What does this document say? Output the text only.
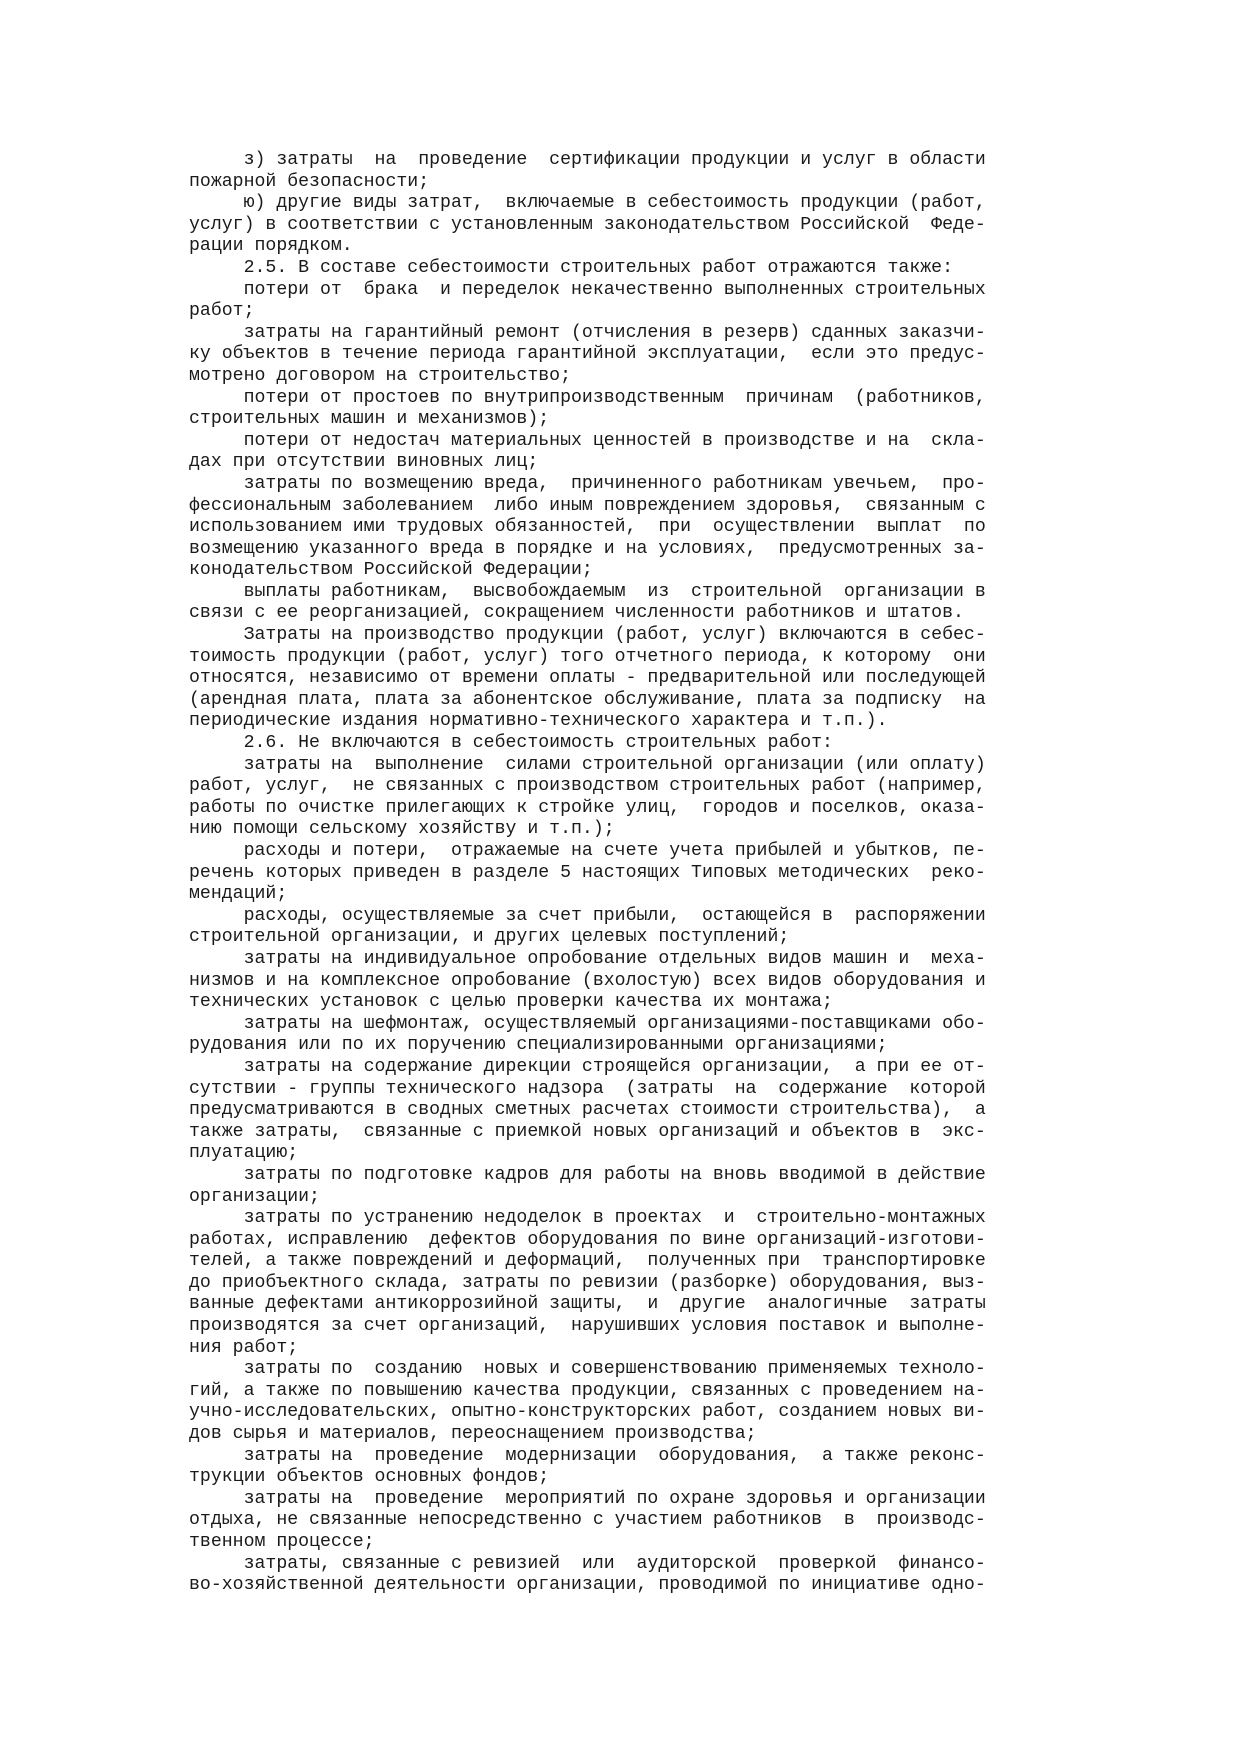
з) затраты  на  проведение  сертификации продукции и услуг в области
пожарной безопасности;
ю) другие виды затрат,  включаемые в себестоимость продукции (работ,
услуг) в соответствии с установленным законодательством Российской  Феде-
рации порядком.
2.5. В составе себестоимости строительных работ отражаются также:
потери от  брака  и переделок некачественно выполненных строительных
работ;
затраты на гарантийный ремонт (отчисления в резерв) сданных заказчи-
ку объектов в течение периода гарантийной эксплуатации,  если это предус-
мотрено договором на строительство;
потери от простоев по внутрипроизводственным  причинам  (работников,
строительных машин и механизмов);
потери от недостач материальных ценностей в производстве и на  скла-
дах при отсутствии виновных лиц;
затраты по возмещению вреда,  причиненного работникам увечьем,  про-
фессиональным заболеванием  либо иным повреждением здоровья,  связанным с
использованием ими трудовых обязанностей,  при  осуществлении  выплат  по
возмещению указанного вреда в порядке и на условиях,  предусмотренных за-
конодательством Российской Федерации;
выплаты работникам,  высвобождаемым  из  строительной  организации в
связи с ее реорганизацией, сокращением численности работников и штатов.
Затраты на производство продукции (работ, услуг) включаются в себес-
тоимость продукции (работ, услуг) того отчетного периода, к которому  они
относятся, независимо от времени оплаты - предварительной или последующей
(арендная плата, плата за абонентское обслуживание, плата за подписку  на
периодические издания нормативно-технического характера и т.п.).
2.6. Не включаются в себестоимость строительных работ:
затраты на  выполнение  силами строительной организации (или оплату)
работ, услуг,  не связанных с производством строительных работ (например,
работы по очистке прилегающих к стройке улиц,  городов и поселков, оказа-
нию помощи сельскому хозяйству и т.п.);
расходы и потери,  отражаемые на счете учета прибылей и убытков, пе-
речень которых приведен в разделе 5 настоящих Типовых методических  реко-
мендаций;
расходы, осуществляемые за счет прибыли,  остающейся в  распоряжении
строительной организации, и других целевых поступлений;
затраты на индивидуальное опробование отдельных видов машин и  меха-
низмов и на комплексное опробование (вхолостую) всех видов оборудования и
технических установок с целью проверки качества их монтажа;
затраты на шефмонтаж, осуществляемый организациями-поставщиками обо-
рудования или по их поручению специализированными организациями;
затраты на содержание дирекции строящейся организации,  а при ее от-
сутствии - группы технического надзора  (затраты  на  содержание  которой
предусматриваются в сводных сметных расчетах стоимости строительства),  а
также затраты,  связанные с приемкой новых организаций и объектов в  экс-
плуатацию;
затраты по подготовке кадров для работы на вновь вводимой в действие
организации;
затраты по устранению недоделок в проектах  и  строительно-монтажных
работах, исправлению  дефектов оборудования по вине организаций-изготови-
телей, а также повреждений и деформаций,  полученных при  транспортировке
до приобъектного склада, затраты по ревизии (разборке) оборудования, выз-
ванные дефектами антикоррозийной защиты,  и  другие  аналогичные  затраты
производятся за счет организаций,  нарушивших условия поставок и выполне-
ния работ;
затраты по  созданию  новых и совершенствованию применяемых техноло-
гий, а также по повышению качества продукции, связанных с проведением на-
учно-исследовательских, опытно-конструкторских работ, созданием новых ви-
дов сырья и материалов, переоснащением производства;
затраты на  проведение  модернизации  оборудования,  а также реконс-
трукции объектов основных фондов;
затраты на  проведение  мероприятий по охране здоровья и организации
отдыха, не связанные непосредственно с участием работников  в  производс-
твенном процессе;
затраты, связанные с ревизией  или  аудиторской  проверкой  финансо-
во-хозяйственной деятельности организации, проводимой по инициативе одно-
